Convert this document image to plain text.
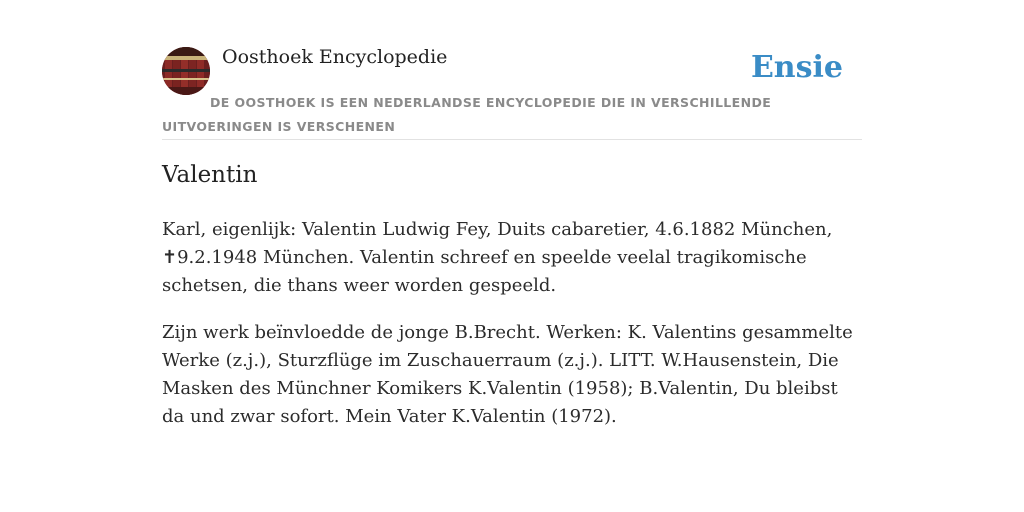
Oosthoek Encyclopedie	Ensie
DE OOSTHOEK IS EEN NEDERLANDSE ENCYCLOPEDIE DIE IN VERSCHILLENDE UITVOERINGEN IS VERSCHENEN
Valentin

Karl, eigenlijk: Valentin Ludwig Fey, Duits cabaretier, 4.6.1882 München, ✝9.2.1948 München. Valentin schreef en speelde veelal tragikomische schetsen, die thans weer worden gespeeld.

Zijn werk beïnvloedde de jonge B.Brecht. Werken: K. Valentins gesammelte Werke (z.j.), Sturzflüge im Zuschauerraum (z.j.). LITT. W.Hausenstein, Die Masken des Münchner Komikers K.Valentin (1958); B.Valentin, Du bleibst da und zwar sofort. Mein Vater K.Valentin (1972).
